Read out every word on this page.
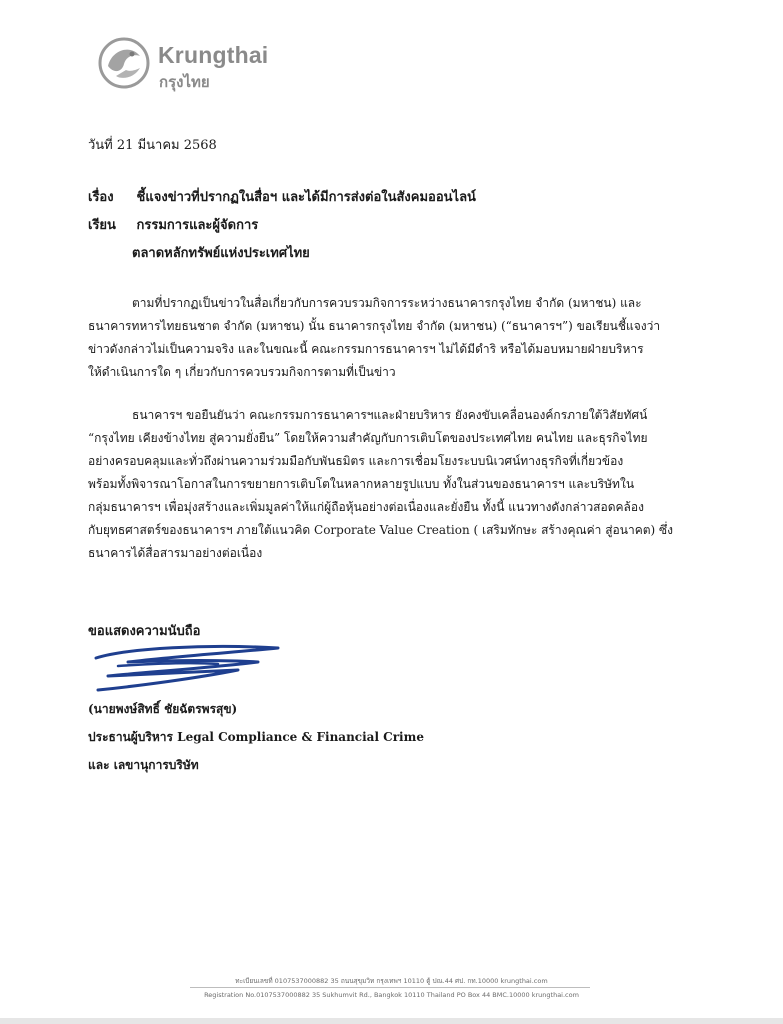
Krungthai
กรุงไทย
วันที่ 21 มีนาคม 2568
เรื่อง ชี้แจงข่าวที่ปรากฏในสื่อฯ และได้มีการส่งต่อในสังคมออนไลน์
เรียน กรรมการและผู้จัดการ
ตลาดหลักทรัพย์แห่งประเทศไทย

ตามที่ปรากฏเป็นข่าวในสื่อเกี่ยวกับการควบรวมกิจการระหว่างธนาคารกรุงไทย จำกัด (มหาชน) และ

ธนาคารทหารไทยธนชาต จำกัด (มหาชน) นั้น ธนาคารกรุงไทย จำกัด (มหาชน) (“ธนาคารฯ”) ขอเรียนชี้แจงว่า

ข่าวดังกล่าวไม่เป็นความจริง และในขณะนี้ คณะกรรมการธนาคารฯ ไม่ได้มีดำริ หรือได้มอบหมายฝ่ายบริหาร

ให้ดำเนินการใด ๆ เกี่ยวกับการควบรวมกิจการตามที่เป็นข่าว

ธนาคารฯ ขอยืนยันว่า คณะกรรมการธนาคารฯและฝ่ายบริหาร ยังคงขับเคลื่อนองค์กรภายใต้วิสัยทัศน์

“กรุงไทย เคียงข้างไทย สู่ความยั่งยืน” โดยให้ความสำคัญกับการเติบโตของประเทศไทย คนไทย และธุรกิจไทย

อย่างครอบคลุมและทั่วถึงผ่านความร่วมมือกับพันธมิตร และการเชื่อมโยงระบบนิเวศน์ทางธุรกิจที่เกี่ยวข้อง

พร้อมทั้งพิจารณาโอกาสในการขยายการเติบโตในหลากหลายรูปแบบ ทั้งในส่วนของธนาคารฯ และบริษัทใน

กลุ่มธนาคารฯ เพื่อมุ่งสร้างและเพิ่มมูลค่าให้แก่ผู้ถือหุ้นอย่างต่อเนื่องและยั่งยืน ทั้งนี้ แนวทางดังกล่าวสอดคล้อง

กับยุทธศาสตร์ของธนาคารฯ ภายใต้แนวคิด Corporate Value Creation ( เสริมทักษะ สร้างคุณค่า สู่อนาคต) ซึ่ง

ธนาคารได้สื่อสารมาอย่างต่อเนื่อง

ขอแสดงความนับถือ
(นายพงษ์สิทธิ์ ชัยฉัตรพรสุข)
ประธานผู้บริหาร Legal Compliance & Financial Crime
และ เลขานุการบริษัท
ทะเบียนเลขที่ 0107537000882 35 ถนนสุขุมวิท กรุงเทพฯ 10110 ตู้ ปณ.44 ศป. กท.10000 krungthai.com
Registration No.0107537000882 35 Sukhumvit Rd., Bangkok 10110 Thailand PO Box 44 BMC.10000 krungthai.com
